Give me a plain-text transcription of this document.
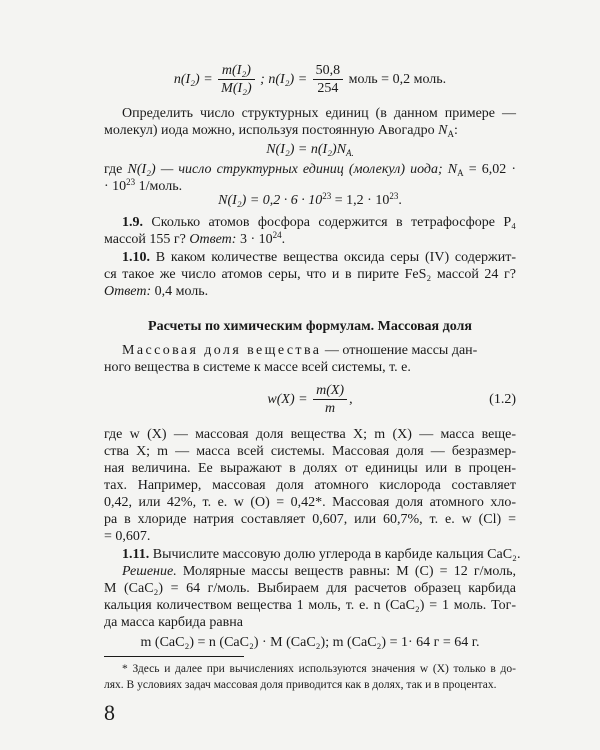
$n(I_2) = \frac{\text{m(I₂)}}{\text{M(I₂)}}$ ; $n(I_2) = \frac{50,8}{254}$ моль = 0,2 моль.
Определить число структурных единиц (в данном примере —
молекул) иода можно, используя постоянную Авогадро $N_A$:
$N(I_2) = n(I_2)N_{A.}$
где N(I₂) — число структурных единиц (молекул) иода; $N_A = 6,02$ ·
· $10^{23}$ 1/моль.
$N(I_2) = 0,2 \cdot 6 \cdot 10^{23} = 1,2 \cdot 10^{23}$.
1.9. Сколько атомов фосфора содержится в тетрафосфоре P₄
массой 155 г? Ответ: $3 \cdot 10^{24}$.
1.10. В каком количестве вещества оксида серы (IV) содержит-
ся такое же число атомов серы, что и в пирите FeS₂ массой 24 г?
Ответ: 0,4 моль.
Расчеты по химическим формулам. Массовая доля
Массовая доля вещества — отношение массы дан-
ного вещества в системе к массе всей системы, т. е.
$w(X) = \frac{m(X)}{m}$ ,	(1.2)
где w (X) — массовая доля вещества X; m (X) — масса веще-
ства X; m — масса всей системы. Массовая доля — безразмер-
ная величина. Ее выражают в долях от единицы или в процен-
тах. Например, массовая доля атомного кислорода составляет
0,42, или 42%, т. е. w (O) = 0,42*. Массовая доля атомного хло-
ра в хлориде натрия составляет 0,607, или 60,7%, т. е. w (Cl) =
= 0,607.
1.11. Вычислите массовую долю углерода в карбиде кальция CaC₂.
Решение. Молярные массы веществ равны: M (C) = 12 г/моль,
M (CaC₂) = 64 г/моль. Выбираем для расчетов образец карбида
кальция количеством вещества 1 моль, т. е. n (CaC₂) = 1 моль. Тог-
да масса карбида равна
m (CaC₂) = n (CaC₂) · M (CaC₂); m (CaC₂) = 1· 64 г = 64 г.
* Здесь и далее при вычислениях используются значения w (X) только в до-
лях. В условиях задач массовая доля приводится как в долях, так и в процентах.
8
